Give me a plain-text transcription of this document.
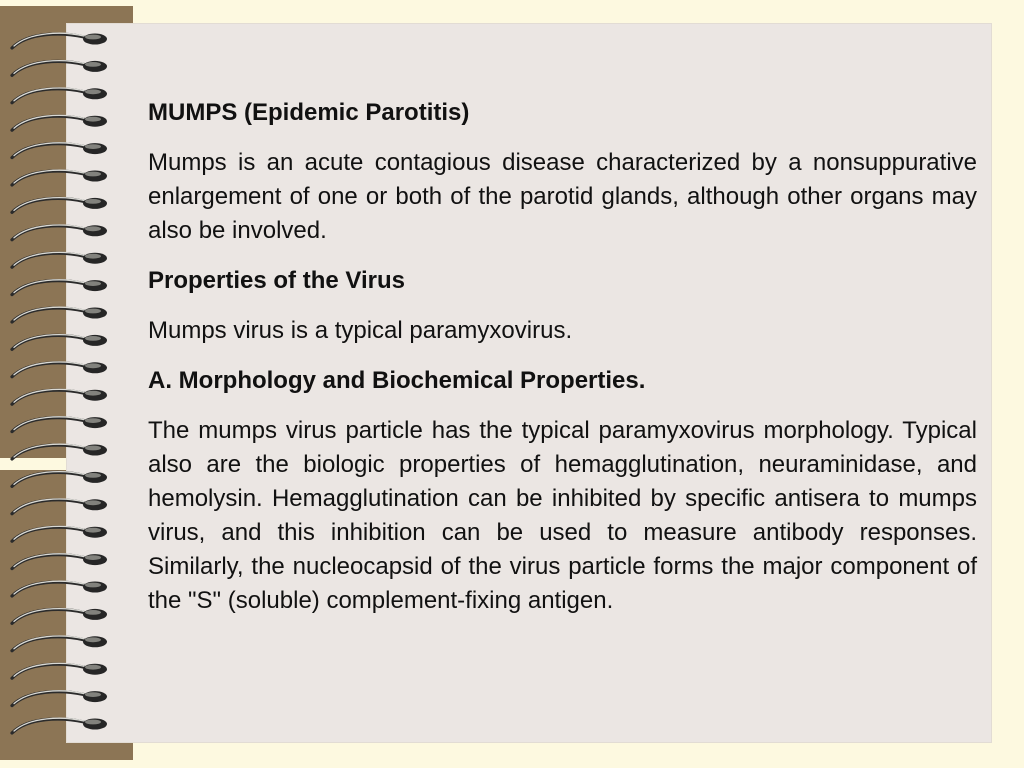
MUMPS (Epidemic Parotitis)

Mumps is an acute contagious disease characterized by a nonsuppurative enlargement of one or both of the parotid glands, although other organs may also be involved.

Properties of the Virus

Mumps virus is a typical paramyxovirus.

A. Morphology and Biochemical Properties.

The mumps virus particle has the typical paramyxovirus morphology. Typical also are the biologic properties of hemagglutination, neuraminidase, and hemolysin. Hemagglutination can be inhibited by specific antisera to mumps virus, and this inhibition can be used to measure antibody responses. Similarly, the nucleocapsid of the virus particle forms the major component of the "S" (soluble) complement-fixing antigen.
